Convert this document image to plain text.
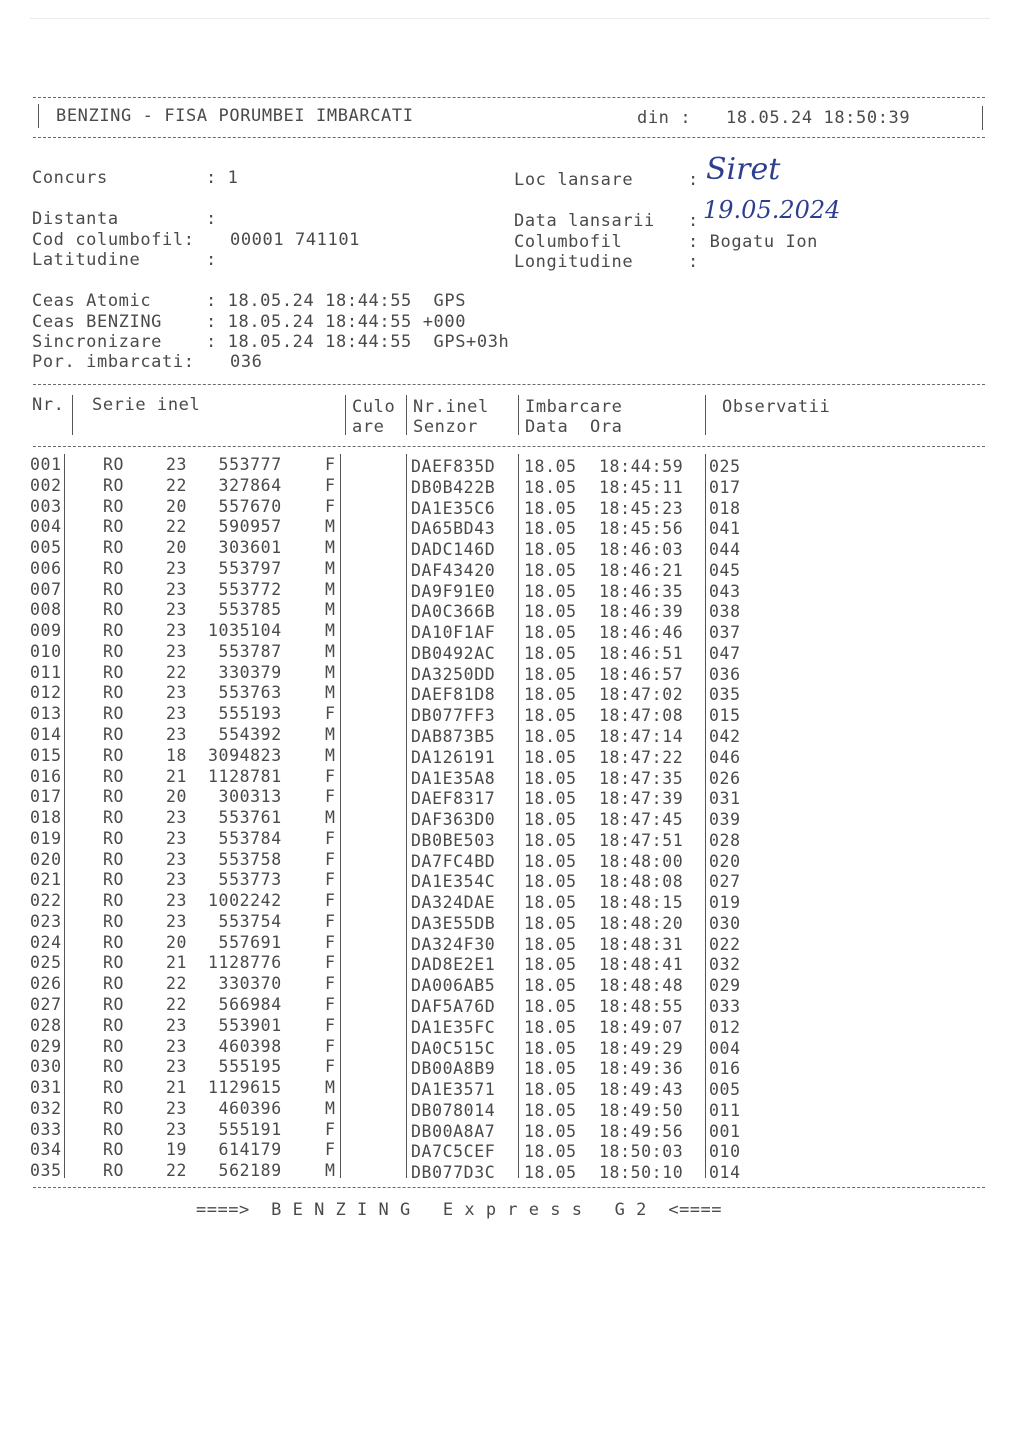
BENZING - FISA PORUMBEI IMBARCATI	din : 18.05.24 18:50:39
Concurs	: 1	Loc lansare	: Siret
Distanta	:	Data lansarii : 19.05.2024
Cod columbofil: 00001 741101	Columbofil	: Bogatu Ion
Latitudine	:	Longitudine	:
Ceas Atomic	: 18.05.24 18:44:55  GPS
Ceas BENZING	: 18.05.24 18:44:55 +000
Sincronizare	: 18.05.24 18:44:55  GPS+03h
Por. imbarcati: 036
Nr. Serie inel	Culo
are
Nr.inel
Senzor
Imbarcare
Data  Ora
Observatii
001	RO	23 553777	F	DAEF835D 18.05 18:44:59 025
002	RO	22 327864	F	DB0B422B 18.05 18:45:11 017
003	RO	20 557670	F	DA1E35C6 18.05 18:45:23 018
004	RO	22 590957	M	DA65BD43 18.05 18:45:56 041
005	RO	20 303601	M	DADC146D 18.05 18:46:03 044
006	RO	23 553797	M	DAF43420 18.05 18:46:21 045
007	RO	23 553772	M	DA9F91E0 18.05 18:46:35 043
008	RO	23 553785	M	DA0C366B 18.05 18:46:39 038
009	RO	23 1035104	M	DA10F1AF 18.05 18:46:46 037
010	RO	23 553787	M	DB0492AC 18.05 18:46:51 047
011	RO	22 330379	M	DA3250DD 18.05 18:46:57 036
012	RO	23 553763	M	DAEF81D8 18.05 18:47:02 035
013	RO	23 555193	F	DB077FF3 18.05 18:47:08 015
014	RO	23 554392	M	DAB873B5 18.05 18:47:14 042
015	RO	18 3094823	M	DA126191 18.05 18:47:22 046
016	RO	21 1128781	F	DA1E35A8 18.05 18:47:35 026
017	RO	20 300313	F	DAEF8317 18.05 18:47:39 031
018	RO	23 553761	M	DAF363D0 18.05 18:47:45 039
019	RO	23 553784	F	DB0BE503 18.05 18:47:51 028
020	RO	23 553758	F	DA7FC4BD 18.05 18:48:00 020
021	RO	23 553773	F	DA1E354C 18.05 18:48:08 027
022	RO	23 1002242	F	DA324DAE 18.05 18:48:15 019
023	RO	23 553754	F	DA3E55DB 18.05 18:48:20 030
024	RO	20 557691	F	DA324F30 18.05 18:48:31 022
025	RO	21 1128776	F	DAD8E2E1 18.05 18:48:41 032
026	RO	22 330370	F	DA006AB5 18.05 18:48:48 029
027	RO	22 566984	F	DAF5A76D 18.05 18:48:55 033
028	RO	23 553901	F	DA1E35FC 18.05 18:49:07 012
029	RO	23 460398	F	DA0C515C 18.05 18:49:29 004
030	RO	23 555195	F	DB00A8B9 18.05 18:49:36 016
031	RO	21 1129615	M	DA1E3571 18.05 18:49:43 005
032	RO	23 460396	M	DB078014 18.05 18:49:50 011
033	RO	23 555191	F	DB00A8A7 18.05 18:49:56 001
034	RO	19 614179	F	DA7C5CEF 18.05 18:50:03 010
035	RO	22 562189	M	DB077D3C 18.05 18:50:10 014
====>  B E N Z I N G   E x p r e s s   G 2  <====
